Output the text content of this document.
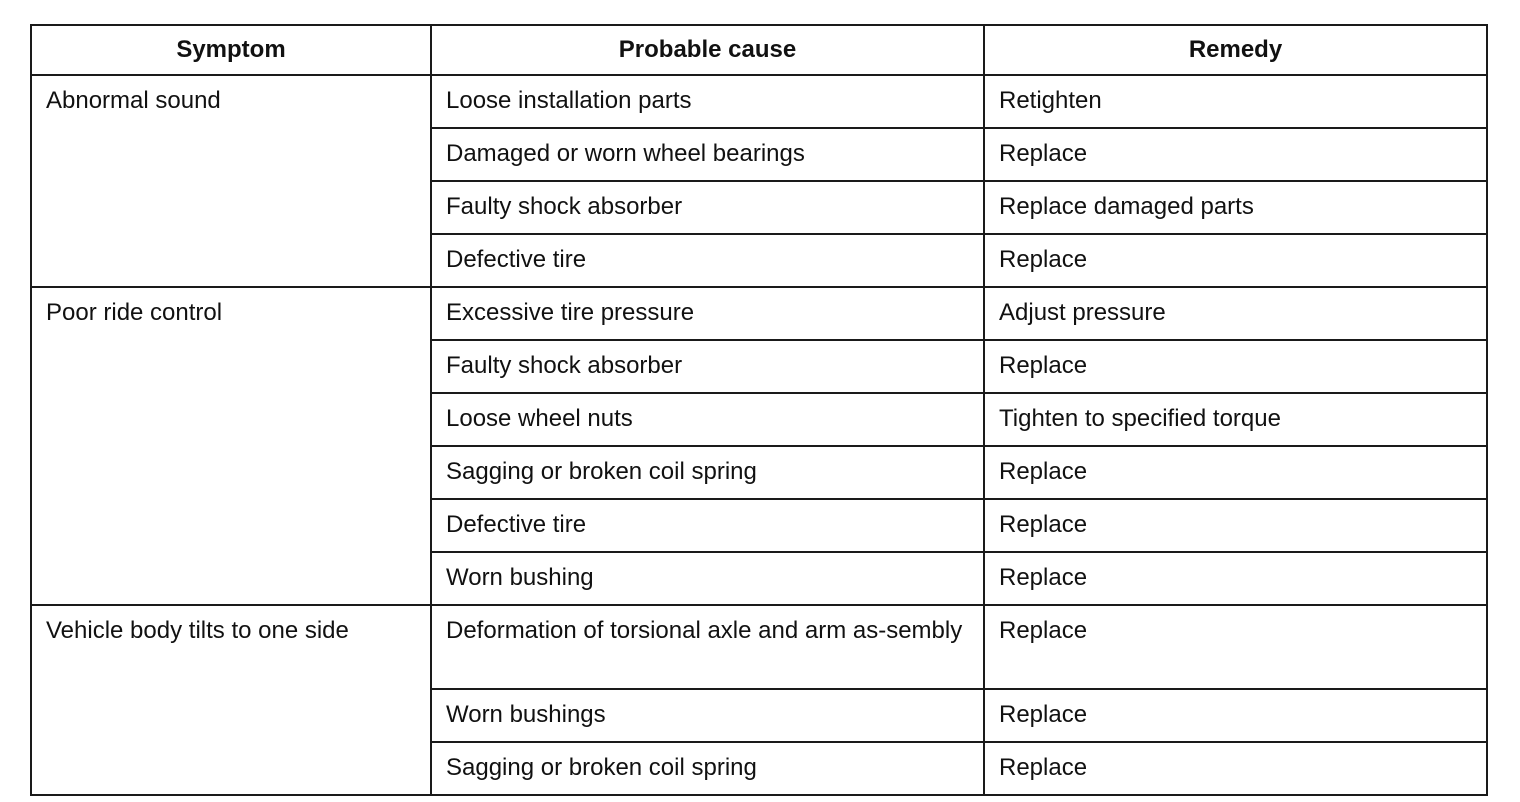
Symptom	Probable cause	Remedy
Abnormal sound	Loose installation parts	Retighten
	Damaged or worn wheel bearings	Replace
	Faulty shock absorber	Replace damaged parts
	Defective tire	Replace
Poor ride control	Excessive tire pressure	Adjust pressure
	Faulty shock absorber	Replace
	Loose wheel nuts	Tighten to specified torque
	Sagging or broken coil spring	Replace
	Defective tire	Replace
	Worn bushing	Replace
Vehicle body tilts to one side	Deformation of torsional axle and arm as-sembly	Replace
	Worn bushings	Replace
	Sagging or broken coil spring	Replace
